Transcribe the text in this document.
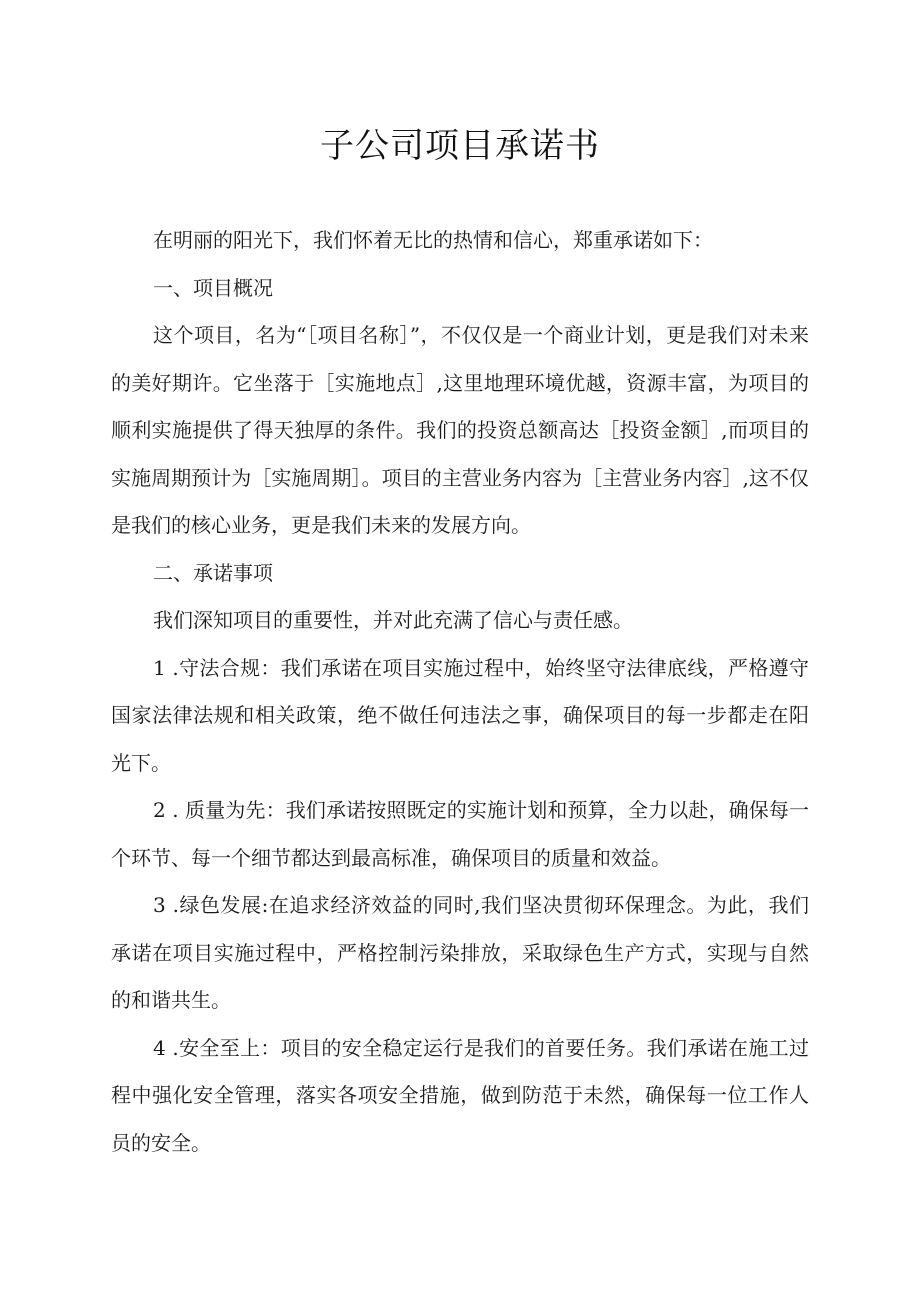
子公司项目承诺书

在明丽的阳光下，我们怀着无比的热情和信心，郑重承诺如下：

一、项目概况

这个项目，名为“［项目名称］”，不仅仅是一个商业计划，更是我们对未来的美好期许。它坐落于［实施地点］,这里地理环境优越，资源丰富，为项目的顺利实施提供了得天独厚的条件。我们的投资总额高达［投资金额］,而项目的实施周期预计为［实施周期］。项目的主营业务内容为［主营业务内容］,这不仅是我们的核心业务，更是我们未来的发展方向。

二、承诺事项

我们深知项目的重要性，并对此充满了信心与责任感。

1 .守法合规：我们承诺在项目实施过程中，始终坚守法律底线，严格遵守国家法律法规和相关政策，绝不做任何违法之事，确保项目的每一步都走在阳光下。

2 . 质量为先：我们承诺按照既定的实施计划和预算，全力以赴，确保每一个环节、每一个细节都达到最高标准，确保项目的质量和效益。

3 .绿色发展:在追求经济效益的同时,我们坚决贯彻环保理念。为此，我们承诺在项目实施过程中，严格控制污染排放，采取绿色生产方式，实现与自然的和谐共生。

4 .安全至上：项目的安全稳定运行是我们的首要任务。我们承诺在施工过程中强化安全管理，落实各项安全措施，做到防范于未然，确保每一位工作人员的安全。
